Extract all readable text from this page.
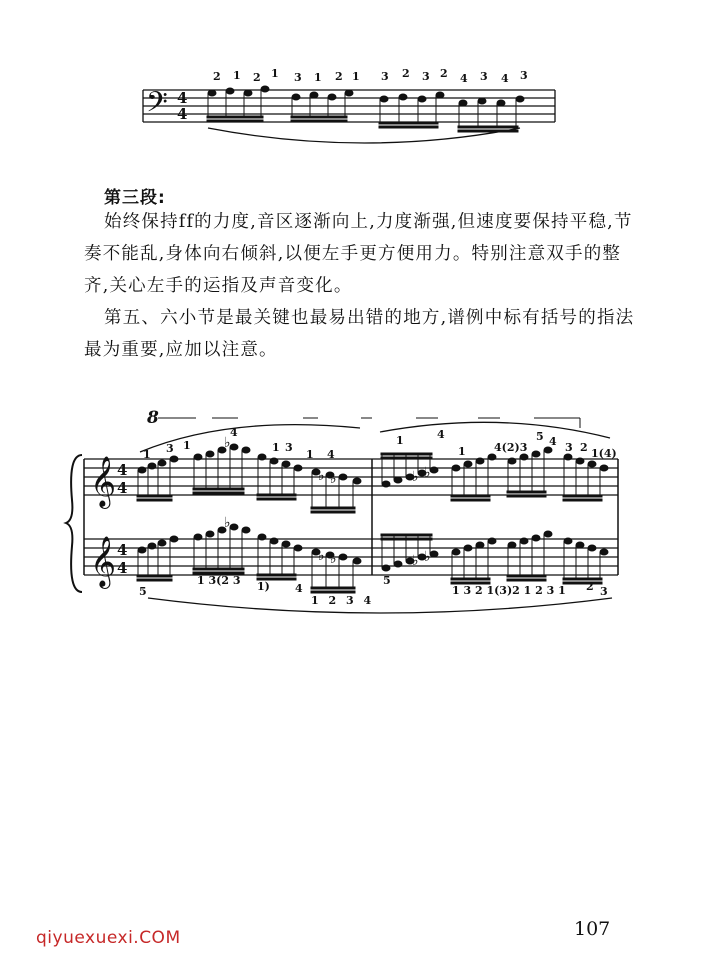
𝄢 4
4
2 1 2 1 3 1 2 1 3 2 3 2 4 3 4 3
8
𝄞
𝄞
4
4
4
4
♭
♭ ♭	♭ ♭
♭
♭ ♭	♭ ♭
1 3 1
4
1 3
1 4
1	4
1	4(2)3
5 4 3 2 1(4)
5
1 3(2 3 1) 4
1 2 3 4
5
1 3 2 1(3)2 1 2 3 1 2 3
第三段:

始终保持ff的力度,音区逐渐向上,力度渐强,但速度要保持平稳,节奏不能乱,身体向右倾斜,以便左手更方便用力。特别注意双手的整齐,关心左手的运指及声音变化。

第五、六小节是最关键也最易出错的地方,谱例中标有括号的指法最为重要,应加以注意。

qiyuexuexi.COM	107
